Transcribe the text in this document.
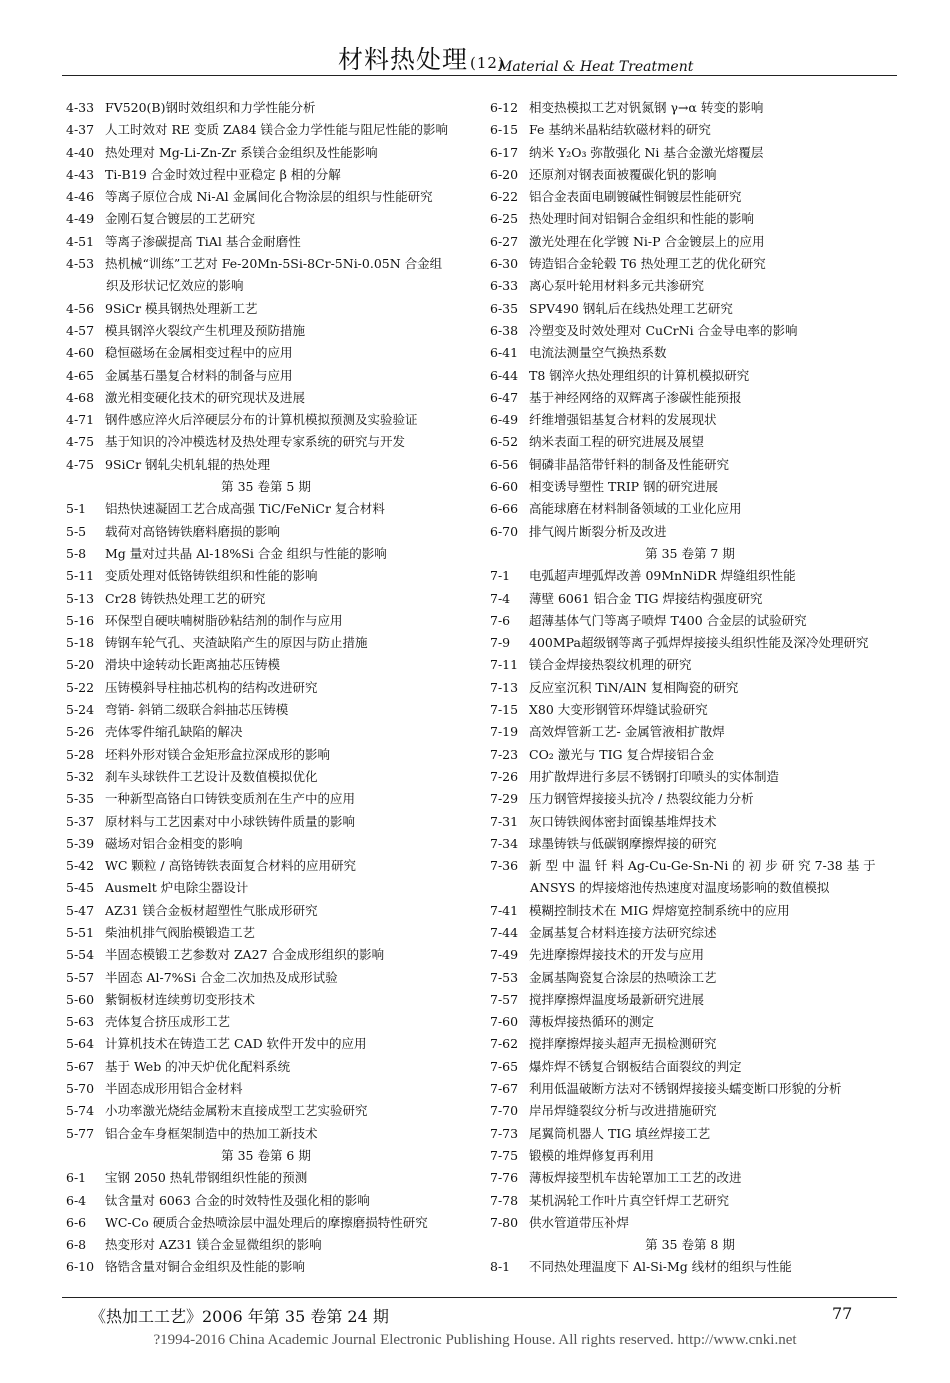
材料热处理 (12)
Material & Heat Treatment
4-33 FV520(B)钢时效组织和力学性能分析
4-37 人工时效对 RE 变质 ZA84 镁合金力学性能与阻尼性能的影响
4-40 热处理对 Mg-Li-Zn-Zr 系镁合金组织及性能影响
4-43 Ti-B19 合金时效过程中亚稳定 β 相的分解
4-46 等离子原位合成 Ni-Al 金属间化合物涂层的组织与性能研究
4-49 金刚石复合镀层的工艺研究
4-51 等离子渗碳提高 TiAl 基合金耐磨性
4-53 热机械“训练”工艺对 Fe-20Mn-5Si-8Cr-5Ni-0.05N 合金组
织及形状记忆效应的影响
4-56 9SiCr 模具钢热处理新工艺
4-57 模具钢淬火裂纹产生机理及预防措施
4-60 稳恒磁场在金属相变过程中的应用
4-65 金属基石墨复合材料的制备与应用
4-68 激光相变硬化技术的研究现状及进展
4-71 钢件感应淬火后淬硬层分布的计算机模拟预测及实验验证
4-75 基于知识的冷冲模选材及热处理专家系统的研究与开发
4-75 9SiCr 钢轧尖机轧辊的热处理
第 35 卷第 5 期
5-1 铝热快速凝固工艺合成高强 TiC/FeNiCr 复合材料
5-5 载荷对高铬铸铁磨料磨损的影响
5-8 Mg 量对过共晶 Al-18%Si 合金 组织与性能的影响
5-11 变质处理对低铬铸铁组织和性能的影响
5-13 Cr28 铸铁热处理工艺的研究
5-16 环保型自硬呋喃树脂砂粘结剂的制作与应用
5-18 铸钢车轮气孔、夹渣缺陷产生的原因与防止措施
5-20 滑块中途转动长距离抽芯压铸模
5-22 压铸模斜导柱抽芯机构的结构改进研究
5-24 弯销- 斜销二级联合斜抽芯压铸模
5-26 壳体零件缩孔缺陷的解决
5-28 坯料外形对镁合金矩形盒拉深成形的影响
5-32 刹车头球铁件工艺设计及数值模拟优化
5-35 一种新型高铬白口铸铁变质剂在生产中的应用
5-37 原材料与工艺因素对中小球铁铸件质量的影响
5-39 磁场对铝合金相变的影响
5-42 WC 颗粒 / 高铬铸铁表面复合材料的应用研究
5-45 Ausmelt 炉电除尘器设计
5-47 AZ31 镁合金板材超塑性气胀成形研究
5-51 柴油机排气阀胎模锻造工艺
5-54 半固态模锻工艺参数对 ZA27 合金成形组织的影响
5-57 半固态 Al-7%Si 合金二次加热及成形试验
5-60 紫铜板材连续剪切变形技术
5-63 壳体复合挤压成形工艺
5-64 计算机技术在铸造工艺 CAD 软件开发中的应用
5-67 基于 Web 的冲天炉优化配料系统
5-70 半固态成形用铝合金材料
5-74 小功率激光烧结金属粉末直接成型工艺实验研究
5-77 铝合金车身框架制造中的热加工新技术
第 35 卷第 6 期
6-1 宝钢 2050 热轧带钢组织性能的预测
6-4 钛含量对 6063 合金的时效特性及强化相的影响
6-6 WC-Co 硬质合金热喷涂层中温处理后的摩擦磨损特性研究
6-8 热变形对 AZ31 镁合金显微组织的影响
6-10 铬锆含量对铜合金组织及性能的影响
6-12 相变热模拟工艺对钒氮钢 γ→α 转变的影响
6-15 Fe 基纳米晶粘结软磁材料的研究
6-17 纳米 Y₂O₃ 弥散强化 Ni 基合金激光熔覆层
6-20 还原剂对钢表面被覆碳化钒的影响
6-22 铝合金表面电刷镀碱性铜镀层性能研究
6-25 热处理时间对铝铜合金组织和性能的影响
6-27 激光处理在化学镀 Ni-P 合金镀层上的应用
6-30 铸造铝合金轮毂 T6 热处理工艺的优化研究
6-33 离心泵叶轮用材料多元共渗研究
6-35 SPV490 钢轧后在线热处理工艺研究
6-38 冷塑变及时效处理对 CuCrNi 合金导电率的影响
6-41 电流法测量空气换热系数
6-44 T8 钢淬火热处理组织的计算机模拟研究
6-47 基于神经网络的双辉离子渗碳性能预报
6-49 纤维增强铝基复合材料的发展现状
6-52 纳米表面工程的研究进展及展望
6-56 铜磷非晶箔带钎料的制备及性能研究
6-60 相变诱导塑性 TRIP 钢的研究进展
6-66 高能球磨在材料制备领域的工业化应用
6-70 排气阀片断裂分析及改进
第 35 卷第 7 期
7-1 电弧超声埋弧焊改善 09MnNiDR 焊缝组织性能
7-4 薄壁 6061 铝合金 TIG 焊接结构强度研究
7-6 超薄基体气门等离子喷焊 T400 合金层的试验研究
7-9 400MPa超级钢等离子弧焊焊接接头组织性能及深冷处理研究
7-11 镁合金焊接热裂纹机理的研究
7-13 反应室沉积 TiN/AlN 复相陶瓷的研究
7-15 X80 大变形钢管环焊缝试验研究
7-19 高效焊管新工艺- 金属管液相扩散焊
7-23 CO₂ 激光与 TIG 复合焊接铝合金
7-26 用扩散焊进行多层不锈钢打印喷头的实体制造
7-29 压力钢管焊接接头抗冷 / 热裂纹能力分析
7-31 灰口铸铁阀体密封面镍基堆焊技术
7-34 球墨铸铁与低碳钢摩擦焊接的研究
7-36 新 型 中 温 钎 料 Ag-Cu-Ge-Sn-Ni 的 初 步 研 究 7-38 基 于
ANSYS 的焊接熔池传热速度对温度场影响的数值模拟
7-41 模糊控制技术在 MIG 焊熔宽控制系统中的应用
7-44 金属基复合材料连接方法研究综述
7-49 先进摩擦焊接技术的开发与应用
7-53 金属基陶瓷复合涂层的热喷涂工艺
7-57 搅拌摩擦焊温度场最新研究进展
7-60 薄板焊接热循环的测定
7-62 搅拌摩擦焊接头超声无损检测研究
7-65 爆炸焊不锈复合钢板结合面裂纹的判定
7-67 利用低温破断方法对不锈钢焊接接头蠕变断口形貌的分析
7-70 岸吊焊缝裂纹分析与改进措施研究
7-73 尾翼筒机器人 TIG 填丝焊接工艺
7-75 锻模的堆焊修复再利用
7-76 薄板焊接型机车齿轮罩加工工艺的改进
7-78 某机涡轮工作叶片真空钎焊工艺研究
7-80 供水管道带压补焊
第 35 卷第 8 期
8-1 不同热处理温度下 Al-Si-Mg 线材的组织与性能
《热加工工艺》2006 年第 35 卷第 24 期	77
?1994-2016 China Academic Journal Electronic Publishing House. All rights reserved. http://www.cnki.net
